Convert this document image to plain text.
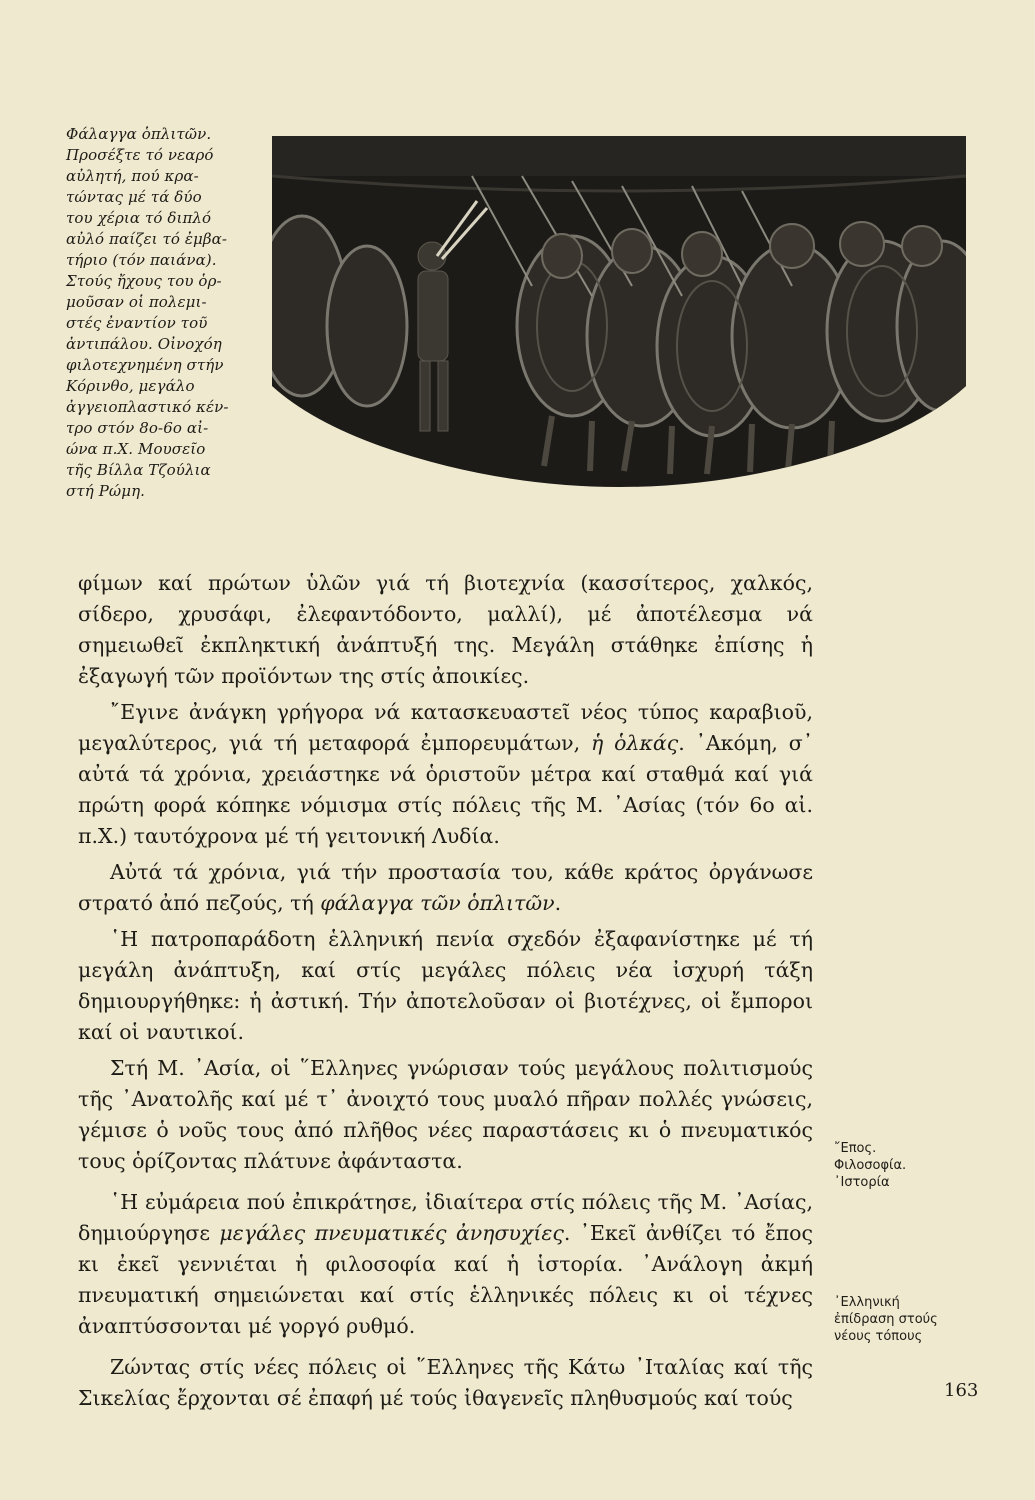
Φάλαγγα ὁπλιτῶν.

Προσέξτε τό νεαρό

αὐλητή, πού κρα-

τώντας μέ τά δύο

του χέρια τό διπλό

αὐλό παίζει τό ἐμβα-

τήριο (τόν παιάνα).

Στούς ἤχους του ὁρ-

μοῦσαν οἱ πολεμι-

στές ἐναντίον τοῦ

ἀντιπάλου. Οἰνοχόη

φιλοτεχνημένη στήν

Κόρινθο, μεγάλο

ἀγγειοπλαστικό κέν-

τρο στόν 8ο-6ο αἰ-

ώνα π.Χ. Μουσεῖο

τῆς Βίλλα Τζούλια

στή Ρώμη.

φίμων καί πρώτων ὑλῶν γιά τή βιοτεχνία (κασσίτερος, χαλκός, σίδερο, χρυσάφι, ἐλεφαντόδοντο, μαλλί), μέ ἀποτέλεσμα νά σημειωθεῖ ἐκπληκτική ἀνάπτυξή της. Μεγάλη στάθηκε ἐπίσης ἡ ἐξαγωγή τῶν προϊόντων της στίς ἀποικίες.

῎Εγινε ἀνάγκη γρήγορα νά κατασκευαστεῖ νέος τύπος καραβιοῦ, μεγαλύτερος, γιά τή μεταφορά ἐμπορευμάτων, ἡ ὁλκάς. ᾿Ακόμη, σ᾿ αὐτά τά χρόνια, χρειάστηκε νά ὁριστοῦν μέτρα καί σταθμά καί γιά πρώτη φορά κόπηκε νόμισμα στίς πόλεις τῆς Μ. ᾿Ασίας (τόν 6ο αἰ. π.Χ.) ταυτόχρονα μέ τή γειτονική Λυδία.

Αὐτά τά χρόνια, γιά τήν προστασία του, κάθε κράτος ὀργάνωσε στρατό ἀπό πεζούς, τή φάλαγγα τῶν ὁπλιτῶν.

῾Η πατροπαράδοτη ἑλληνική πενία σχεδόν ἐξαφανίστηκε μέ τή μεγάλη ἀνάπτυξη, καί στίς μεγάλες πόλεις νέα ἰσχυρή τάξη δημιουργήθηκε: ἡ ἀστική. Τήν ἀποτελοῦσαν οἱ βιοτέχνες, οἱ ἔμποροι καί οἱ ναυτικοί.

Στή Μ. ᾿Ασία, οἱ ῞Ελληνες γνώρισαν τούς μεγάλους πολιτισμούς τῆς ᾿Ανατολῆς καί μέ τ᾿ ἀνοιχτό τους μυαλό πῆραν πολλές γνώσεις, γέμισε ὁ νοῦς τους ἀπό πλῆθος νέες παραστάσεις κι ὁ πνευματικός τους ὁρίζοντας πλάτυνε ἀφάνταστα.

῾Η εὐμάρεια πού ἐπικράτησε, ἰδιαίτερα στίς πόλεις τῆς Μ. ᾿Ασίας, δημιούργησε μεγάλες πνευματικές ἀνησυχίες. ᾿Εκεῖ ἀνθίζει τό ἔπος κι ἐκεῖ γεννιέται ἡ φιλοσοφία καί ἡ ἱστορία. ᾿Ανάλογη ἀκμή πνευματική σημειώνεται καί στίς ἑλληνικές πόλεις κι οἱ τέχνες ἀναπτύσσονται μέ γοργό ρυθμό.

Ζώντας στίς νέες πόλεις οἱ ῞Ελληνες τῆς Κάτω ᾿Ιταλίας καί τῆς Σικελίας ἔρχονται σέ ἐπαφή μέ τούς ἰθαγενεῖς πληθυσμούς καί τούς

῎Επος.
Φιλοσοφία.
᾿Ιστορία
᾿Ελληνική
ἐπίδραση στούς
νέους τόπους
163
